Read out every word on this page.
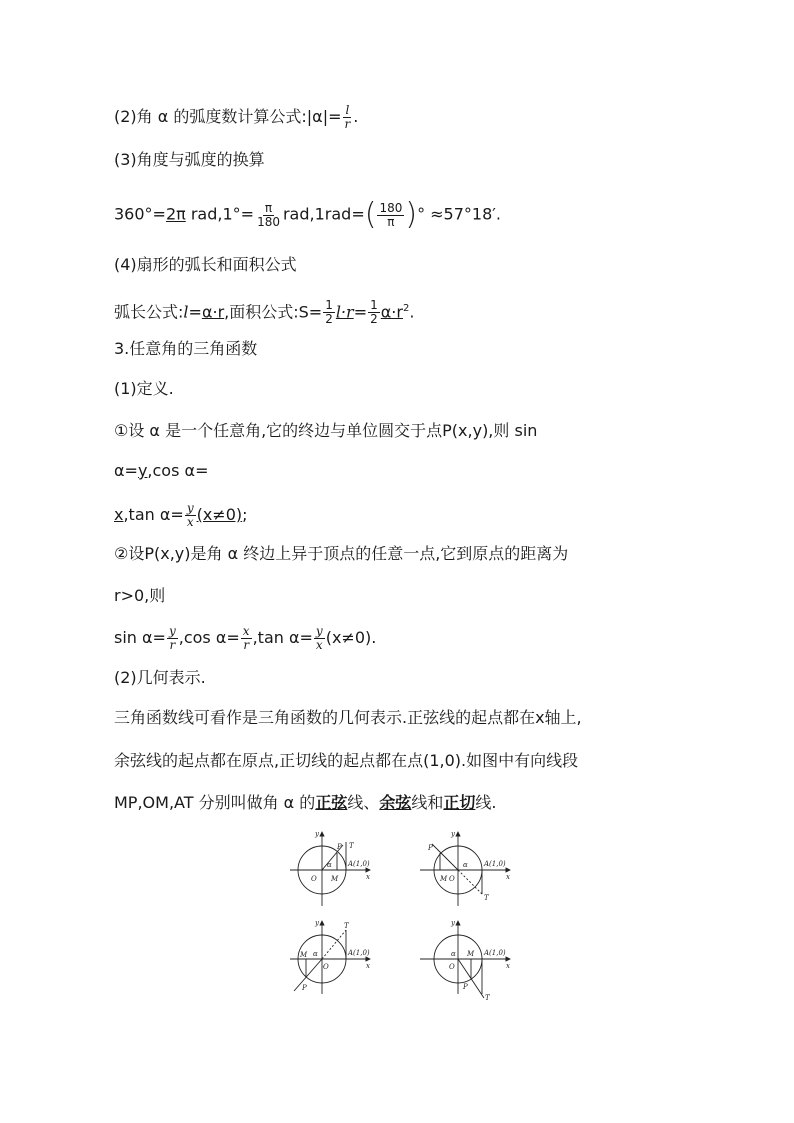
(2)角 α 的弧度数计算公式:|α|= $\frac{l}{r}$ .
(3)角度与弧度的换算
360°=2π $rad,1^\circ= \frac{\pi}{180} rad,1rad=( \frac{180}{\pi}$ )° ≈57°18′.
(4)扇形的弧长和面积公式
弧长公式:l=α·r,面积公式:S= $\frac{1}{2} l\cdot r= \frac{1}{2} \alpha\cdot r^2$.
3.任意角的三角函数
(1)定义.
①设 α 是一个任意角,它的终边与单位圆交于点P(x,y),则 sin
α=y,cos α=
x,tan $\alpha= \frac{y}{x} (x\ne 0)$;
②设P(x,y)是角 α 终边上异于顶点的任意一点,它到原点的距离为
r>0,则
$\sin \alpha= \frac{y}{r} ,\cos$ $\alpha= \frac{x}{r} ,\tan$ $\alpha= \frac{y}{x} (x\ne 0)$.
(2)几何表示.
三角函数线可看作是三角函数的几何表示.正弦线的起点都在x轴上,
余弦线的起点都在原点,正切线的起点都在点(1,0).如图中有向线段
MP,OM,AT 分别叫做角 α 的正弦线、余弦线和正切线.
y
x
O M
P T
A(1,0)
α
y
x
M O
P
T
A(1,0)
α
y
x
M
O
P
T
A(1,0)
α
y
x
O
M
P
T
A(1,0)
α
